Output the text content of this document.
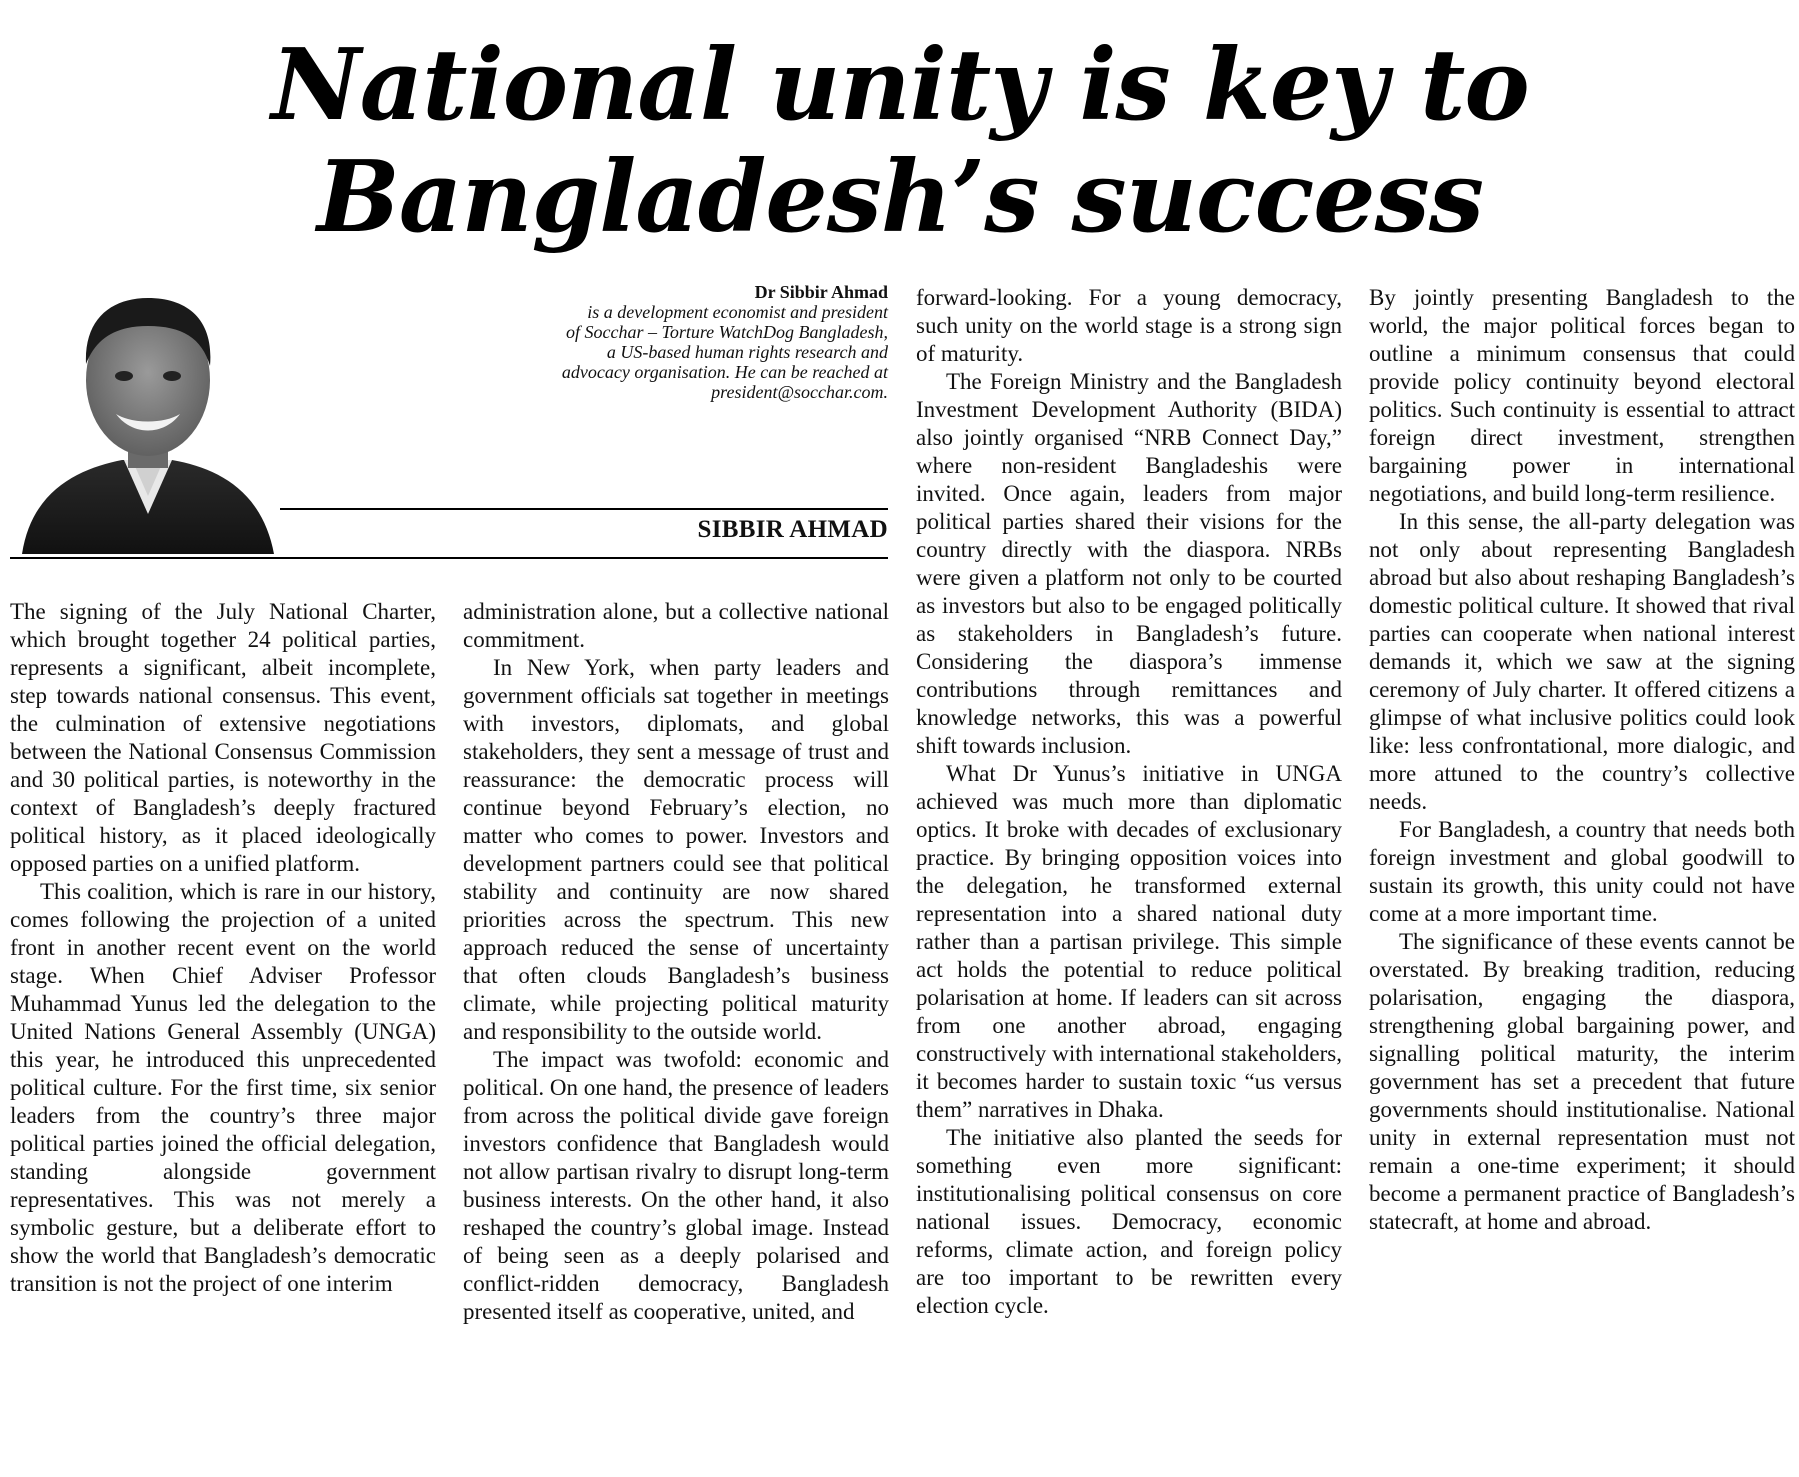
National unity is key to
Bangladesh’s success
Dr Sibbir Ahmad
is a development economist and president
of Socchar – Torture WatchDog Bangladesh,
a US-based human rights research and
advocacy organisation. He can be reached at
president@socchar.com.
SIBBIR AHMAD

The signing of the July National Charter, which brought together 24 political parties, represents a significant, albeit incomplete, step towards national consensus. This event, the culmination of extensive negotiations between the National Consensus Commission and 30 political parties, is noteworthy in the context of Bangladesh’s deeply fractured political history, as it placed ideologically opposed parties on a unified platform.

This coalition, which is rare in our history, comes following the projection of a united front in another recent event on the world stage. When Chief Adviser Professor Muhammad Yunus led the delegation to the United Nations General Assembly (UNGA) this year, he introduced this unprecedented political culture. For the first time, six senior leaders from the country’s three major political parties joined the official delegation, standing alongside government representatives. This was not merely a symbolic gesture, but a deliberate effort to show the world that Bangladesh’s democratic transition is not the project of one interim

administration alone, but a collective national commitment.

In New York, when party leaders and government officials sat together in meetings with investors, diplomats, and global stakeholders, they sent a message of trust and reassurance: the democratic process will continue beyond February’s election, no matter who comes to power. Investors and development partners could see that political stability and continuity are now shared priorities across the spectrum. This new approach reduced the sense of uncertainty that often clouds Bangladesh’s business climate, while projecting political maturity and responsibility to the outside world.

The impact was twofold: economic and political. On one hand, the presence of leaders from across the political divide gave foreign investors confidence that Bangladesh would not allow partisan rivalry to disrupt long-term business interests. On the other hand, it also reshaped the country’s global image. Instead of being seen as a deeply polarised and conflict-ridden democracy, Bangladesh presented itself as cooperative, united, and

forward-looking. For a young democracy, such unity on the world stage is a strong sign of maturity.

The Foreign Ministry and the Bangladesh Investment Development Authority (BIDA) also jointly organised “NRB Connect Day,” where non-resident Bangladeshis were invited. Once again, leaders from major political parties shared their visions for the country directly with the diaspora. NRBs were given a platform not only to be courted as investors but also to be engaged politically as stakeholders in Bangladesh’s future. Considering the diaspora’s immense contributions through remittances and knowledge networks, this was a powerful shift towards inclusion.

What Dr Yunus’s initiative in UNGA achieved was much more than diplomatic optics. It broke with decades of exclusionary practice. By bringing opposition voices into the delegation, he transformed external representation into a shared national duty rather than a partisan privilege. This simple act holds the potential to reduce political polarisation at home. If leaders can sit across from one another abroad, engaging constructively with international stakeholders, it becomes harder to sustain toxic “us versus them” narratives in Dhaka.

The initiative also planted the seeds for something even more significant: institutionalising political consensus on core national issues. Democracy, economic reforms, climate action, and foreign policy are too important to be rewritten every election cycle.

By jointly presenting Bangladesh to the world, the major political forces began to outline a minimum consensus that could provide policy continuity beyond electoral politics. Such continuity is essential to attract foreign direct investment, strengthen bargaining power in international negotiations, and build long-term resilience.

In this sense, the all-party delegation was not only about representing Bangladesh abroad but also about reshaping Bangladesh’s domestic political culture. It showed that rival parties can cooperate when national interest demands it, which we saw at the signing ceremony of July charter. It offered citizens a glimpse of what inclusive politics could look like: less confrontational, more dialogic, and more attuned to the country’s collective needs.

For Bangladesh, a country that needs both foreign investment and global goodwill to sustain its growth, this unity could not have come at a more important time.

The significance of these events cannot be overstated. By breaking tradition, reducing polarisation, engaging the diaspora, strengthening global bargaining power, and signalling political maturity, the interim government has set a precedent that future governments should institutionalise. National unity in external representation must not remain a one-time experiment; it should become a permanent practice of Bangladesh’s statecraft, at home and abroad.
